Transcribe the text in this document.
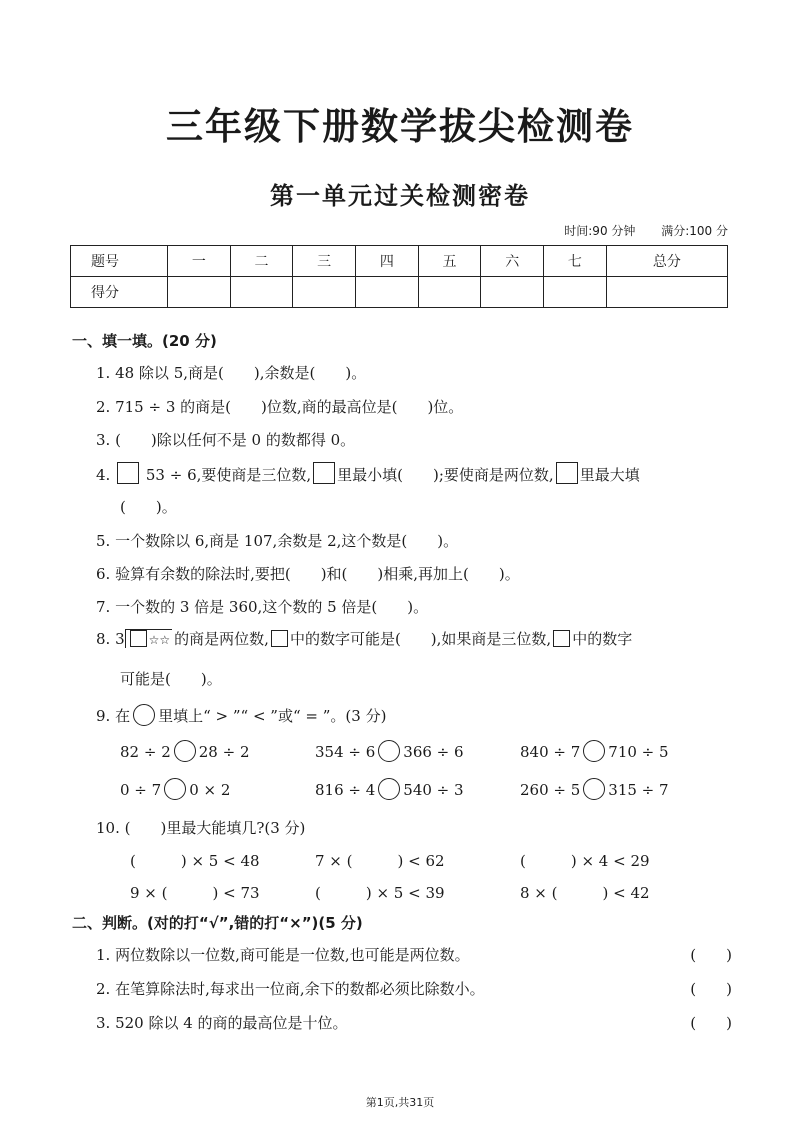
三年级下册数学拔尖检测卷
第一单元过关检测密卷
时间:90 分钟 满分:100 分
题号	一	二	三	四	五	六	七	总分
得分								
一、填一填。(20 分)
1. 48 除以 5,商是(　　),余数是(　　)。
2. 715 ÷ 3 的商是(　　)位数,商的最高位是(　　)位。
3. (　　)除以任何不是 0 的数都得 0。
4. 53 ÷ 6,要使商是三位数, 里最小填(　　);要使商是两位数, 里最大填
(　　)。
5. 一个数除以 6,商是 107,余数是 2,这个数是(　　)。
6. 验算有余数的除法时,要把(　　)和(　　)相乘,再加上(　　)。
7. 一个数的 3 倍是 360,这个数的 5 倍是(　　)。
8. 3 ☆☆ 的商是两位数, 中的数字可能是(　　),如果商是三位数, 中的数字
可能是(　　)。
9. 在 里填上“ > ”“ < ”或“ = ”。(3 分)
82 ÷ 2 28 ÷ 2	354 ÷ 6 366 ÷ 6	840 ÷ 7 710 ÷ 5
0 ÷ 7 0 × 2	816 ÷ 4 540 ÷ 3	260 ÷ 5 315 ÷ 7
10. (　　)里最大能填几?(3 分)
(　　　) × 5 < 48	7 × (　　　) < 62	(　　　) × 4 < 29
9 × (　　　) < 73	(　　　) × 5 < 39	8 × (　　　) < 42
二、判断。(对的打“√”,错的打“×”)(5 分)
1. 两位数除以一位数,商可能是一位数,也可能是两位数。	(　　)
2. 在笔算除法时,每求出一位商,余下的数都必须比除数小。	(　　)
3. 520 除以 4 的商的最高位是十位。	(　　)
第1页,共31页
